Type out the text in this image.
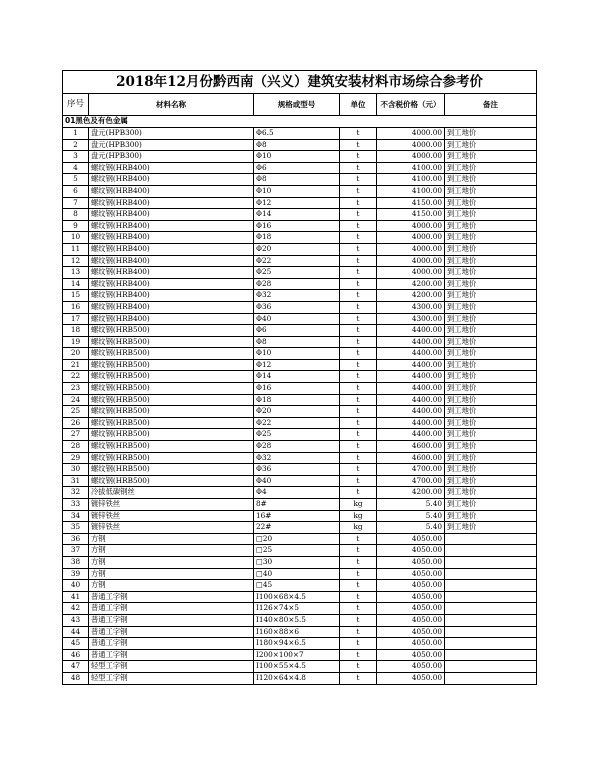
2018年12月份黔西南（兴义）建筑安装材料市场综合参考价					
序号	材料名称	规格或型号	单位	不含税价格（元）	备注
01黑色及有色金属					
1	盘元(HPB300)	Φ6.5	t	4000.00	到工地价
2	盘元(HPB300)	Φ8	t	4000.00	到工地价
3	盘元(HPB300)	Φ10	t	4000.00	到工地价
4	螺纹钢(HRB400)	Φ6	t	4100.00	到工地价
5	螺纹钢(HRB400)	Φ8	t	4100.00	到工地价
6	螺纹钢(HRB400)	Φ10	t	4100.00	到工地价
7	螺纹钢(HRB400)	Φ12	t	4150.00	到工地价
8	螺纹钢(HRB400)	Φ14	t	4150.00	到工地价
9	螺纹钢(HRB400)	Φ16	t	4000.00	到工地价
10	螺纹钢(HRB400)	Φ18	t	4000.00	到工地价
11	螺纹钢(HRB400)	Φ20	t	4000.00	到工地价
12	螺纹钢(HRB400)	Φ22	t	4000.00	到工地价
13	螺纹钢(HRB400)	Φ25	t	4000.00	到工地价
14	螺纹钢(HRB400)	Φ28	t	4200.00	到工地价
15	螺纹钢(HRB400)	Φ32	t	4200.00	到工地价
16	螺纹钢(HRB400)	Φ36	t	4300.00	到工地价
17	螺纹钢(HRB400)	Φ40	t	4300.00	到工地价
18	螺纹钢(HRB500)	Φ6	t	4400.00	到工地价
19	螺纹钢(HRB500)	Φ8	t	4400.00	到工地价
20	螺纹钢(HRB500)	Φ10	t	4400.00	到工地价
21	螺纹钢(HRB500)	Φ12	t	4400.00	到工地价
22	螺纹钢(HRB500)	Φ14	t	4400.00	到工地价
23	螺纹钢(HRB500)	Φ16	t	4400.00	到工地价
24	螺纹钢(HRB500)	Φ18	t	4400.00	到工地价
25	螺纹钢(HRB500)	Φ20	t	4400.00	到工地价
26	螺纹钢(HRB500)	Φ22	t	4400.00	到工地价
27	螺纹钢(HRB500)	Φ25	t	4400.00	到工地价
28	螺纹钢(HRB500)	Φ28	t	4600.00	到工地价
29	螺纹钢(HRB500)	Φ32	t	4600.00	到工地价
30	螺纹钢(HRB500)	Φ36	t	4700.00	到工地价
31	螺纹钢(HRB500)	Φ40	t	4700.00	到工地价
32	冷拔低碳钢丝	Φ4	t	4200.00	到工地价
33	镀锌铁丝	8#	kg	5.40	到工地价
34	镀锌铁丝	16#	kg	5.40	到工地价
35	镀锌铁丝	22#	kg	5.40	到工地价
36	方钢	□20	t	4050.00	
37	方钢	□25	t	4050.00	
38	方钢	□30	t	4050.00	
39	方钢	□40	t	4050.00	
40	方钢	□45	t	4050.00	
41	普通工字钢	I100×68×4.5	t	4050.00	
42	普通工字钢	I126×74×5	t	4050.00	
43	普通工字钢	I140×80×5.5	t	4050.00	
44	普通工字钢	I160×88×6	t	4050.00	
45	普通工字钢	I180×94×6.5	t	4050.00	
46	普通工字钢	I200×100×7	t	4050.00	
47	轻型工字钢	I100×55×4.5	t	4050.00	
48	轻型工字钢	I120×64×4.8	t	4050.00	
